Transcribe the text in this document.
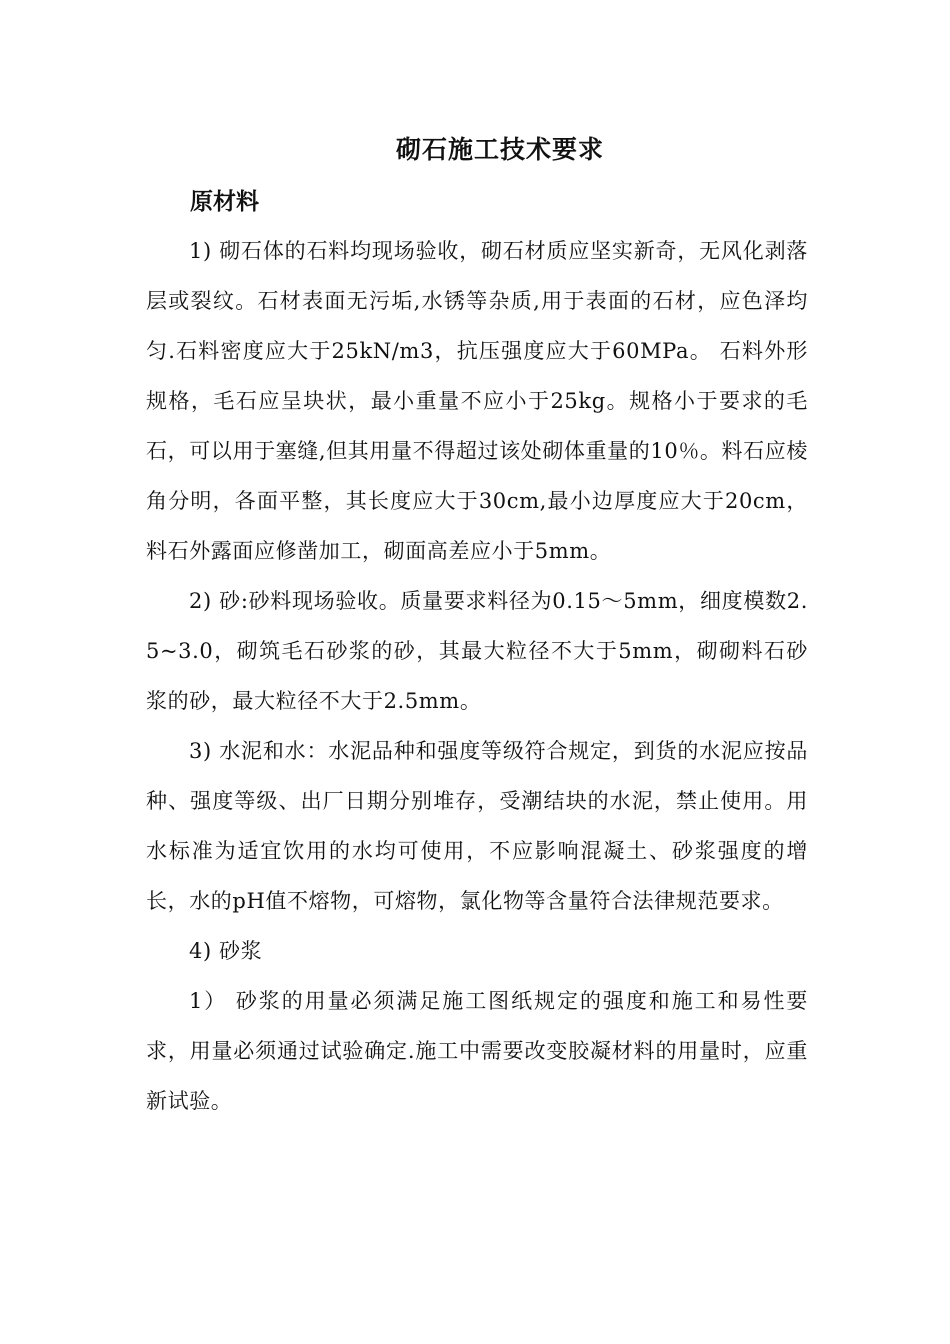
砌石施工技术要求
原材料

1) 砌石体的石料均现场验收，砌石材质应坚实新奇，无风化剥落层或裂纹。石材表面无污垢,水锈等杂质,用于表面的石材，应色泽均匀.石料密度应大于25kN/m3，抗压强度应大于60MPa。 石料外形规格，毛石应呈块状，最小重量不应小于25kg。规格小于要求的毛石，可以用于塞缝,但其用量不得超过该处砌体重量的10％。料石应棱角分明，各面平整，其长度应大于30cm,最小边厚度应大于20cm，料石外露面应修凿加工，砌面高差应小于5mm。

2) 砂:砂料现场验收。质量要求料径为0.15～5mm，细度模数2.5~3.0，砌筑毛石砂浆的砂，其最大粒径不大于5mm，砌砌料石砂浆的砂，最大粒径不大于2.5mm。

3) 水泥和水：水泥品种和强度等级符合规定，到货的水泥应按品种、强度等级、出厂日期分别堆存，受潮结块的水泥，禁止使用。用水标准为适宜饮用的水均可使用，不应影响混凝土、砂浆强度的增长，水的pH值不熔物，可熔物，氯化物等含量符合法律规范要求。

4) 砂浆

1） 砂浆的用量必须满足施工图纸规定的强度和施工和易性要求，用量必须通过试验确定.施工中需要改变胶凝材料的用量时，应重新试验。
